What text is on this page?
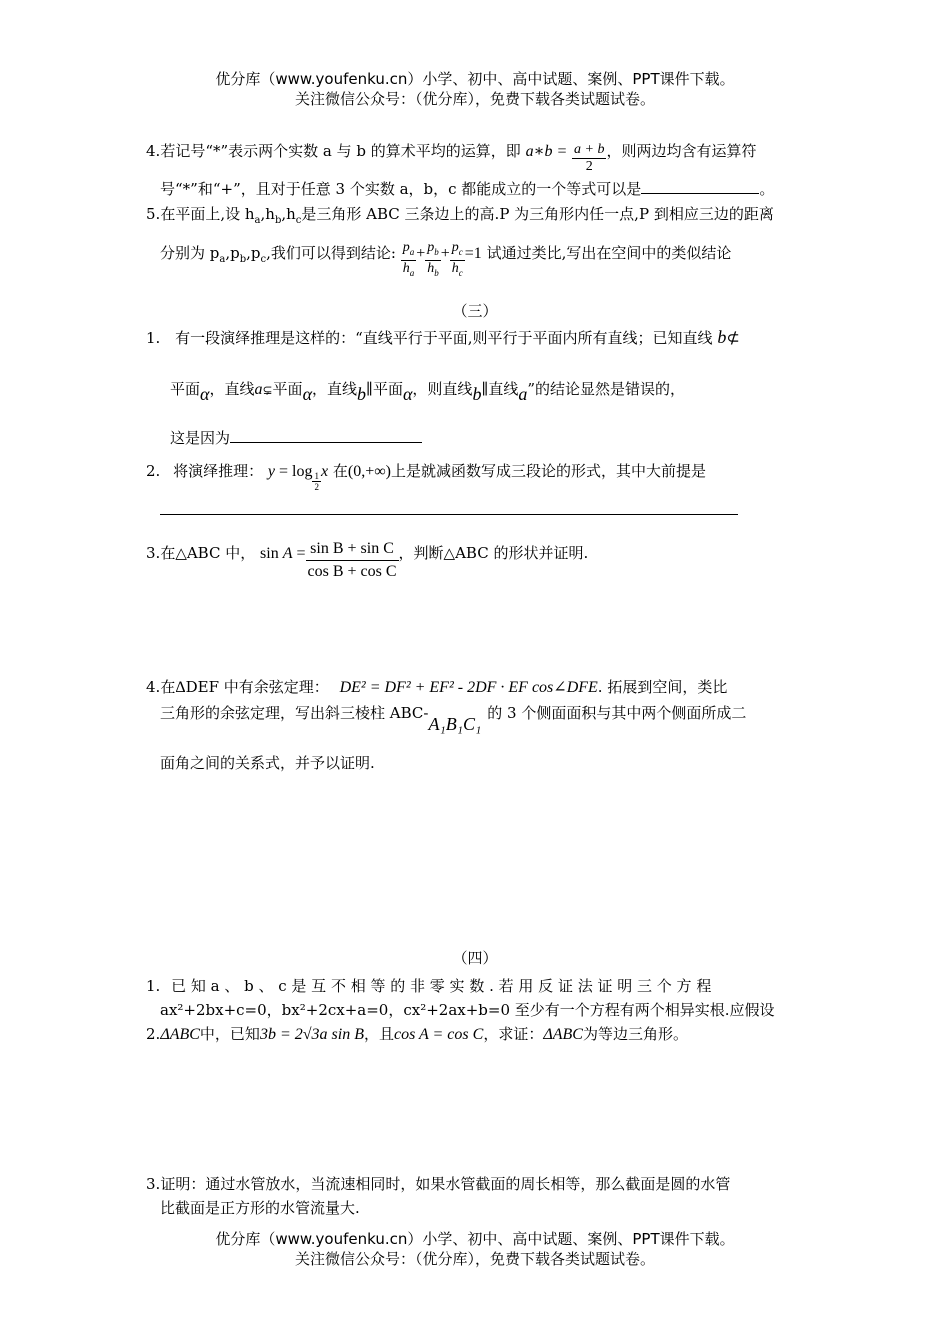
优分库（www.youfenku.cn）小学、初中、高中试题、案例、PPT课件下载。
关注微信公众号：（优分库），免费下载各类试题试卷。
4.若记号“*”表示两个实数 a 与 b 的算术平均的运算，即 a∗b = $\frac{a + b}{2}$ ，则两边均含有运算符
号“*”和“+”，且对于任意 3 个实数 a，b，c 都能成立的一个等式可以是	。
5.在平面上,设 $h_a,h_b,h_c$是三角形 ABC 三条边上的高.P 为三角形内任一点,P 到相应三边的距离
分别为 $p_a,p_b,p_c$,我们可以得到结论: $\frac{p_a}{h_a} + \frac{p_b}{h_b} + \frac{p_c}{h_c} =1$ 试通过类比,写出在空间中的类似结论
（三）
1. 有一段演绎推理是这样的：“直线平行于平面,则平行于平面内所有直线；已知直线 b⊄
平面α，直线a⊊平面α，直线b∥平面α，则直线b∥直线a”的结论显然是错误的，
这是因为
2. 将演绎推理： $y = \log \frac{1}{2}$ x 在(0,+∞)上是就减函数写成三段论的形式，其中大前提是
3.在△ABC 中， $\sin A = \frac{\text{sin B + sin C}}{\text{cos B + cos C}}$ ，判断△ABC 的形状并证明.
4.在ΔDEF 中有余弦定理： DE² = DF² + EF² - 2DF · EF cos∠DFE. 拓展到空间，类比
三角形的余弦定理，写出斜三棱柱 ABC-A₁B₁C₁的 3 个侧面面积与其中两个侧面所成二
面角之间的关系式，并予以证明.
（四）
1. 已 知 a 、 b 、 c 是 互 不 相 等 的 非 零 实 数 . 若 用 反 证 法 证 明 三 个 方 程
ax²+2bx+c=0，bx²+2cx+a=0，cx²+2ax+b=0 至少有一个方程有两个相异实根.应假设
2.ΔABC中，已知3b = 2√3a sin B，且cos A = cos C，求证：ΔABC为等边三角形。
3.证明：通过水管放水，当流速相同时，如果水管截面的周长相等，那么截面是圆的水管
比截面是正方形的水管流量大.
优分库（www.youfenku.cn）小学、初中、高中试题、案例、PPT课件下载。
关注微信公众号：（优分库），免费下载各类试题试卷。
